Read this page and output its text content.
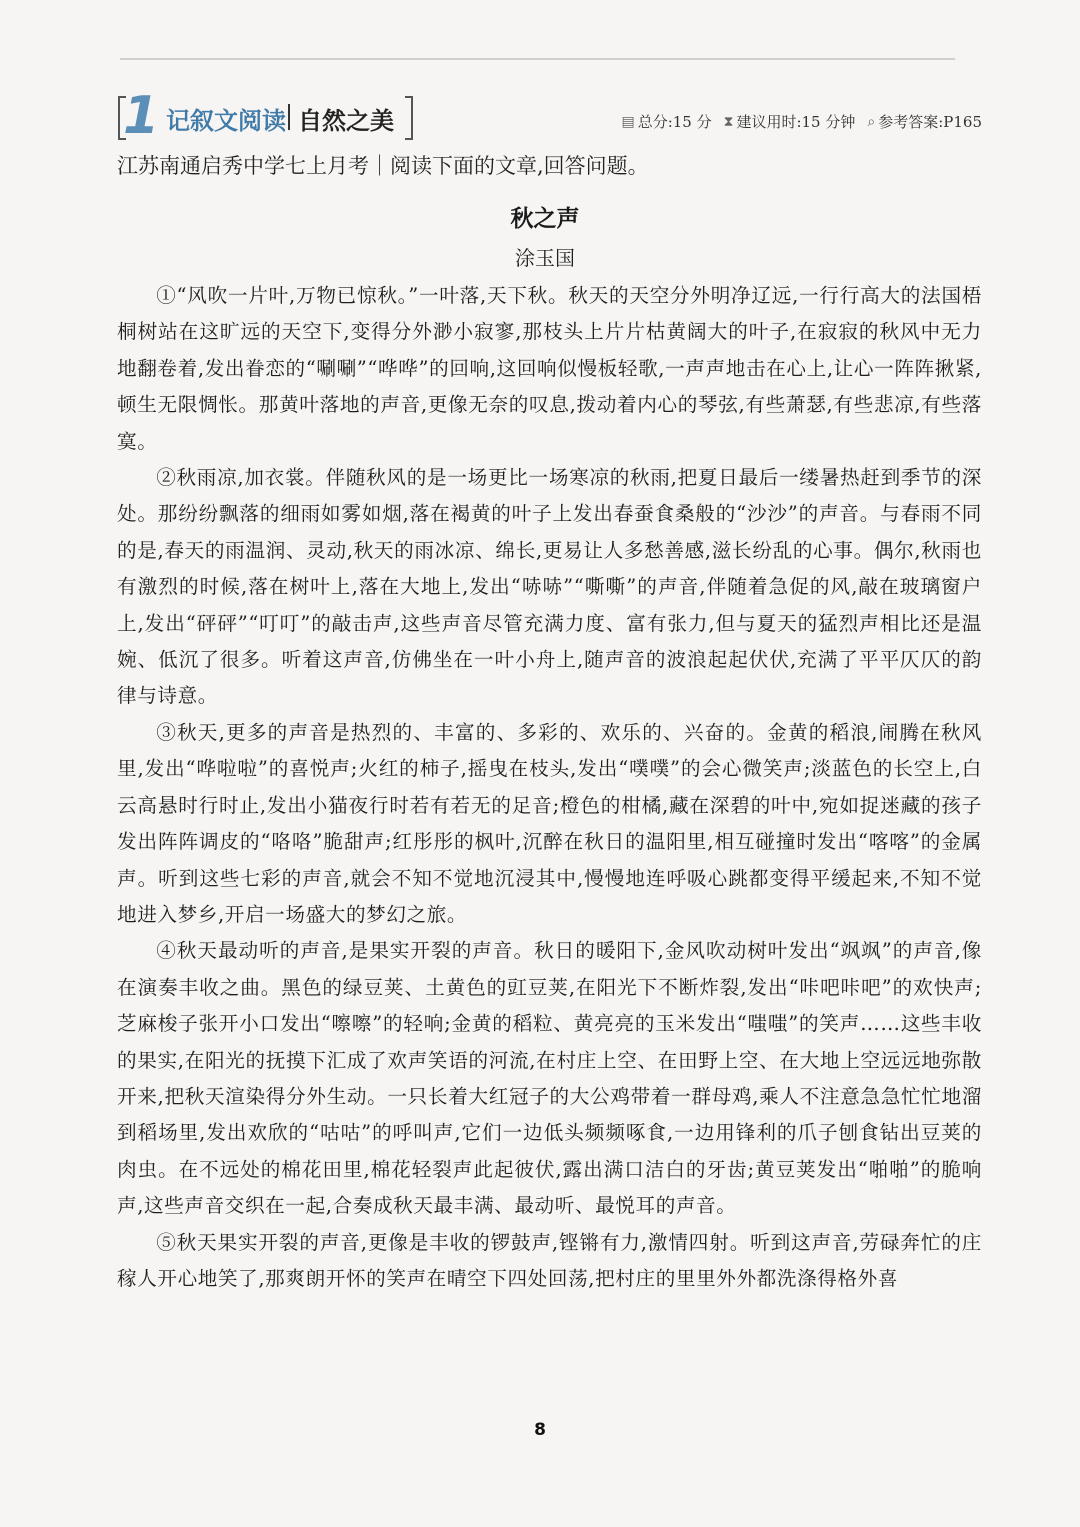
1 记叙文阅读 自然之美	▤ 总分:15 分 ⧗ 建议用时:15 分钟 ⌕ 参考答案:P165
江苏南通启秀中学七上月考｜阅读下面的文章,回答问题。
秋之声
涂玉国

①“风吹一片叶,万物已惊秋。”一叶落,天下秋。秋天的天空分外明净辽远,一行行高大的法国梧桐树站在这旷远的天空下,变得分外渺小寂寥,那枝头上片片枯黄阔大的叶子,在寂寂的秋风中无力地翻卷着,发出眷恋的“唰唰”“哗哗”的回响,这回响似慢板轻歌,一声声地击在心上,让心一阵阵揪紧,顿生无限惆怅。那黄叶落地的声音,更像无奈的叹息,拨动着内心的琴弦,有些萧瑟,有些悲凉,有些落寞。

②秋雨凉,加衣裳。伴随秋风的是一场更比一场寒凉的秋雨,把夏日最后一缕暑热赶到季节的深处。那纷纷飘落的细雨如雾如烟,落在褐黄的叶子上发出春蚕食桑般的“沙沙”的声音。与春雨不同的是,春天的雨温润、灵动,秋天的雨冰凉、绵长,更易让人多愁善感,滋长纷乱的心事。偶尔,秋雨也有激烈的时候,落在树叶上,落在大地上,发出“哧哧”“嘶嘶”的声音,伴随着急促的风,敲在玻璃窗户上,发出“砰砰”“叮叮”的敲击声,这些声音尽管充满力度、富有张力,但与夏天的猛烈声相比还是温婉、低沉了很多。听着这声音,仿佛坐在一叶小舟上,随声音的波浪起起伏伏,充满了平平仄仄的韵律与诗意。

③秋天,更多的声音是热烈的、丰富的、多彩的、欢乐的、兴奋的。金黄的稻浪,闹腾在秋风里,发出“哗啦啦”的喜悦声;火红的柿子,摇曳在枝头,发出“噗噗”的会心微笑声;淡蓝色的长空上,白云高悬时行时止,发出小猫夜行时若有若无的足音;橙色的柑橘,藏在深碧的叶中,宛如捉迷藏的孩子发出阵阵调皮的“咯咯”脆甜声;红彤彤的枫叶,沉醉在秋日的温阳里,相互碰撞时发出“喀喀”的金属声。听到这些七彩的声音,就会不知不觉地沉浸其中,慢慢地连呼吸心跳都变得平缓起来,不知不觉地进入梦乡,开启一场盛大的梦幻之旅。

④秋天最动听的声音,是果实开裂的声音。秋日的暖阳下,金风吹动树叶发出“飒飒”的声音,像在演奏丰收之曲。黑色的绿豆荚、土黄色的豇豆荚,在阳光下不断炸裂,发出“咔吧咔吧”的欢快声;芝麻梭子张开小口发出“嚓嚓”的轻响;金黄的稻粒、黄亮亮的玉米发出“嗤嗤”的笑声……这些丰收的果实,在阳光的抚摸下汇成了欢声笑语的河流,在村庄上空、在田野上空、在大地上空远远地弥散开来,把秋天渲染得分外生动。一只长着大红冠子的大公鸡带着一群母鸡,乘人不注意急急忙忙地溜到稻场里,发出欢欣的“咕咕”的呼叫声,它们一边低头频频啄食,一边用锋利的爪子刨食钻出豆荚的肉虫。在不远处的棉花田里,棉花轻裂声此起彼伏,露出满口洁白的牙齿;黄豆荚发出“啪啪”的脆响声,这些声音交织在一起,合奏成秋天最丰满、最动听、最悦耳的声音。

⑤秋天果实开裂的声音,更像是丰收的锣鼓声,铿锵有力,激情四射。听到这声音,劳碌奔忙的庄稼人开心地笑了,那爽朗开怀的笑声在晴空下四处回荡,把村庄的里里外外都洗涤得格外喜

8
